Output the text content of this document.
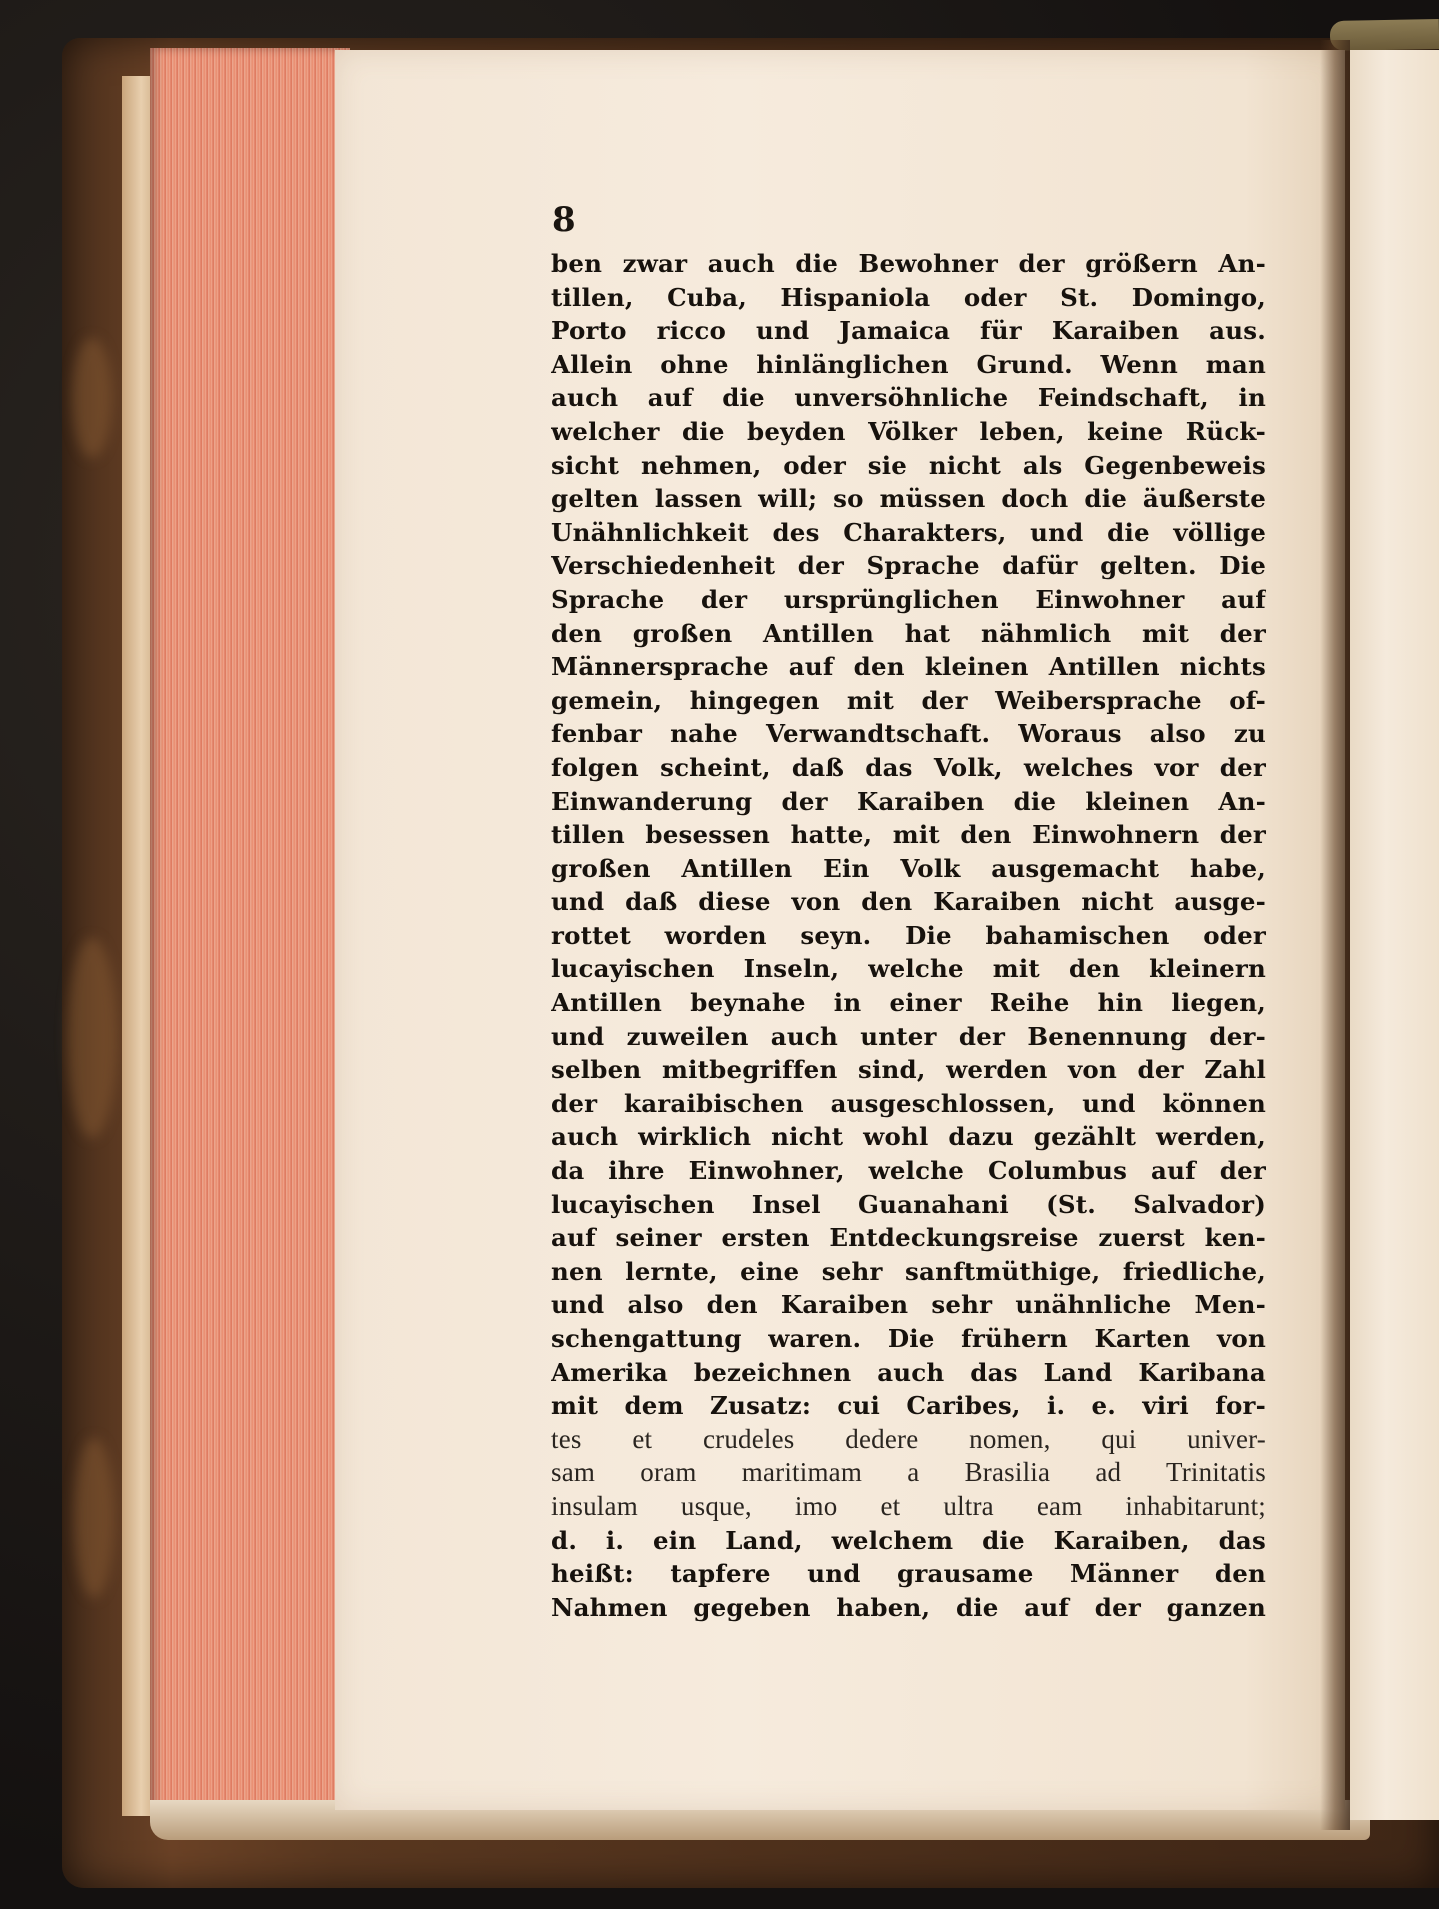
8
ben zwar auch die Bewohner der größern An-
tillen, Cuba, Hispaniola oder St. Domingo,
Porto ricco und Jamaica für Karaiben aus.
Allein ohne hinlänglichen Grund. Wenn man
auch auf die unversöhnliche Feindschaft, in
welcher die beyden Völker leben, keine Rück-
sicht nehmen, oder sie nicht als Gegenbeweis
gelten lassen will; so müssen doch die äußerste
Unähnlichkeit des Charakters, und die völlige
Verschiedenheit der Sprache dafür gelten. Die
Sprache der ursprünglichen Einwohner auf
den großen Antillen hat nähmlich mit der
Männersprache auf den kleinen Antillen nichts
gemein, hingegen mit der Weibersprache of-
fenbar nahe Verwandtschaft. Woraus also zu
folgen scheint, daß das Volk, welches vor der
Einwanderung der Karaiben die kleinen An-
tillen besessen hatte, mit den Einwohnern der
großen Antillen Ein Volk ausgemacht habe,
und daß diese von den Karaiben nicht ausge-
rottet worden seyn. Die bahamischen oder
lucayischen Inseln, welche mit den kleinern
Antillen beynahe in einer Reihe hin liegen,
und zuweilen auch unter der Benennung der-
selben mitbegriffen sind, werden von der Zahl
der karaibischen ausgeschlossen, und können
auch wirklich nicht wohl dazu gezählt werden,
da ihre Einwohner, welche Columbus auf der
lucayischen Insel Guanahani (St. Salvador)
auf seiner ersten Entdeckungsreise zuerst ken-
nen lernte, eine sehr sanftmüthige, friedliche,
und also den Karaiben sehr unähnliche Men-
schengattung waren. Die frühern Karten von
Amerika bezeichnen auch das Land Karibana
mit dem Zusatz: cui Caribes, i. e. viri for-
tes et crudeles dedere nomen, qui univer-
sam oram maritimam a Brasilia ad Trinitatis
insulam usque, imo et ultra eam inhabitarunt;
d. i. ein Land, welchem die Karaiben, das
heißt: tapfere und grausame Männer den
Nahmen gegeben haben, die auf der ganzen
